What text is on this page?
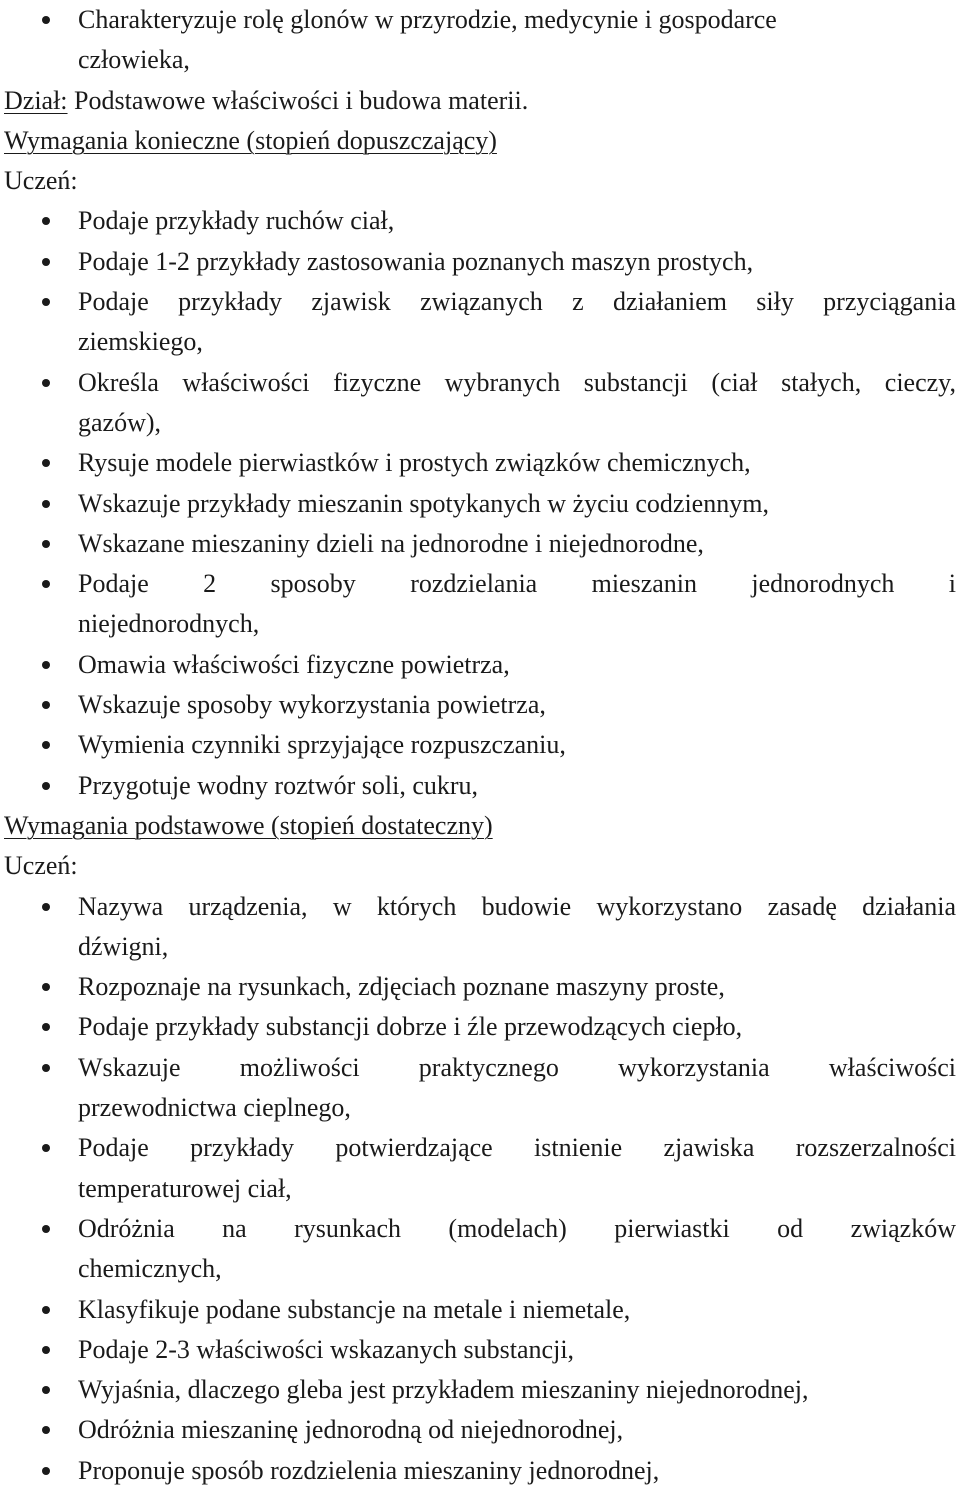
Charakteryzuje rolę glonów w przyrodzie, medycynie i gospodarce
człowieka,
Dział: Podstawowe właściwości i budowa materii.
Wymagania konieczne (stopień dopuszczający)
Uczeń:
Podaje przykłady ruchów ciał,
Podaje 1-2 przykłady zastosowania poznanych maszyn prostych,
Podaje przykłady zjawisk związanych z działaniem siły przyciągania
ziemskiego,
Określa właściwości fizyczne wybranych substancji (ciał stałych, cieczy,
gazów),
Rysuje modele pierwiastków i prostych związków chemicznych,
Wskazuje przykłady mieszanin spotykanych w życiu codziennym,
Wskazane mieszaniny dzieli na jednorodne i niejednorodne,
Podaje 2 sposoby rozdzielania mieszanin jednorodnych i
niejednorodnych,
Omawia właściwości fizyczne powietrza,
Wskazuje sposoby wykorzystania powietrza,
Wymienia czynniki sprzyjające rozpuszczaniu,
Przygotuje wodny roztwór soli, cukru,
Wymagania podstawowe (stopień dostateczny)
Uczeń:
Nazywa urządzenia, w których budowie wykorzystano zasadę działania
dźwigni,
Rozpoznaje na rysunkach, zdjęciach poznane maszyny proste,
Podaje przykłady substancji dobrze i źle przewodzących ciepło,
Wskazuje możliwości praktycznego wykorzystania właściwości
przewodnictwa cieplnego,
Podaje przykłady potwierdzające istnienie zjawiska rozszerzalności
temperaturowej ciał,
Odróżnia na rysunkach (modelach) pierwiastki od związków
chemicznych,
Klasyfikuje podane substancje na metale i niemetale,
Podaje 2-3 właściwości wskazanych substancji,
Wyjaśnia, dlaczego gleba jest przykładem mieszaniny niejednorodnej,
Odróżnia mieszaninę jednorodną od niejednorodnej,
Proponuje sposób rozdzielenia mieszaniny jednorodnej,
